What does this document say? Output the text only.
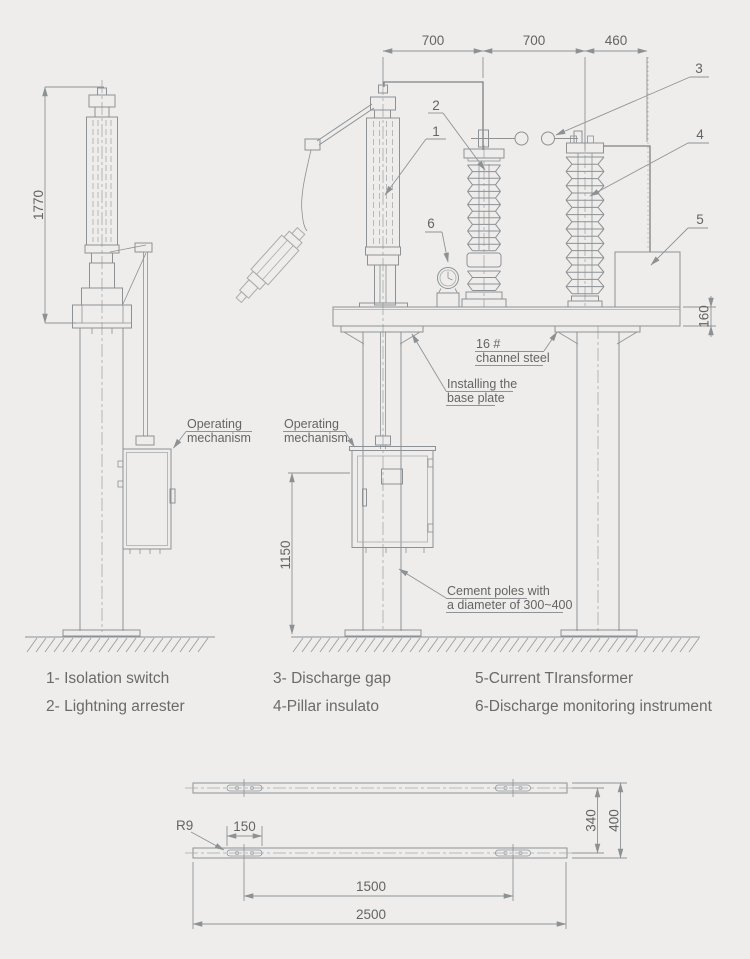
1770
Operating
mechanism
700	700	460
1
2
3
4
5
6
160
1150
Operating
mechanism
16 #
channel steel
Installing the
base plate
Cement poles with
a diameter of 300~400
1- Isolation switch
2- Lightning arrester
3- Discharge gap
4-Pillar insulato
5-Current TIransformer
6-Discharge monitoring instrument
R9	150	340 400
1500
2500
